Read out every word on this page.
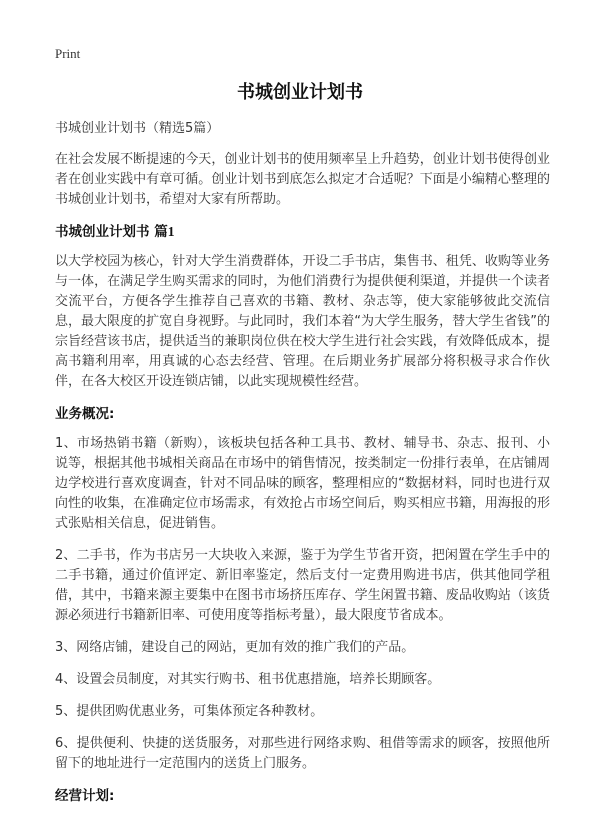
Print
书城创业计划书

书城创业计划书（精选5篇）

在社会发展不断提速的今天，创业计划书的使用频率呈上升趋势，创业计划书使得创业者在创业实践中有章可循。创业计划书到底怎么拟定才合适呢？下面是小编精心整理的书城创业计划书，希望对大家有所帮助。

书城创业计划书 篇1

以大学校园为核心，针对大学生消费群体，开设二手书店，集售书、租凭、收购等业务与一体，在满足学生购买需求的同时，为他们消费行为提供便利渠道，并提供一个读者交流平台，方便各学生推荐自己喜欢的书籍、教材、杂志等，使大家能够彼此交流信息，最大限度的扩宽自身视野。与此同时，我们本着“为大学生服务，替大学生省钱”的宗旨经营该书店，提供适当的兼职岗位供在校大学生进行社会实践，有效降低成本，提高书籍利用率，用真诚的心态去经营、管理。在后期业务扩展部分将积极寻求合作伙伴，在各大校区开设连锁店铺，以此实现规模性经营。

业务概况:

1、市场热销书籍（新购），该板块包括各种工具书、教材、辅导书、杂志、报刊、小说等，根据其他书城相关商品在市场中的销售情况，按类制定一份排行表单，在店铺周边学校进行喜欢度调查，针对不同品味的顾客，整理相应的“数据材料，同时也进行双向性的收集，在准确定位市场需求，有效抢占市场空间后，购买相应书籍，用海报的形式张贴相关信息，促进销售。

2、二手书，作为书店另一大块收入来源，鉴于为学生节省开资，把闲置在学生手中的二手书籍，通过价值评定、新旧率鉴定，然后支付一定费用购进书店，供其他同学租借，其中，书籍来源主要集中在图书市场挤压库存、学生闲置书籍、废品收购站（该货源必须进行书籍新旧率、可使用度等指标考量），最大限度节省成本。

3、网络店铺，建设自己的网站，更加有效的推广我们的产品。

4、设置会员制度，对其实行购书、租书优惠措施，培养长期顾客。

5、提供团购优惠业务，可集体预定各种教材。

6、提供便利、快捷的送货服务，对那些进行网络求购、租借等需求的顾客，按照他所留下的地址进行一定范围内的送货上门服务。

经营计划:
